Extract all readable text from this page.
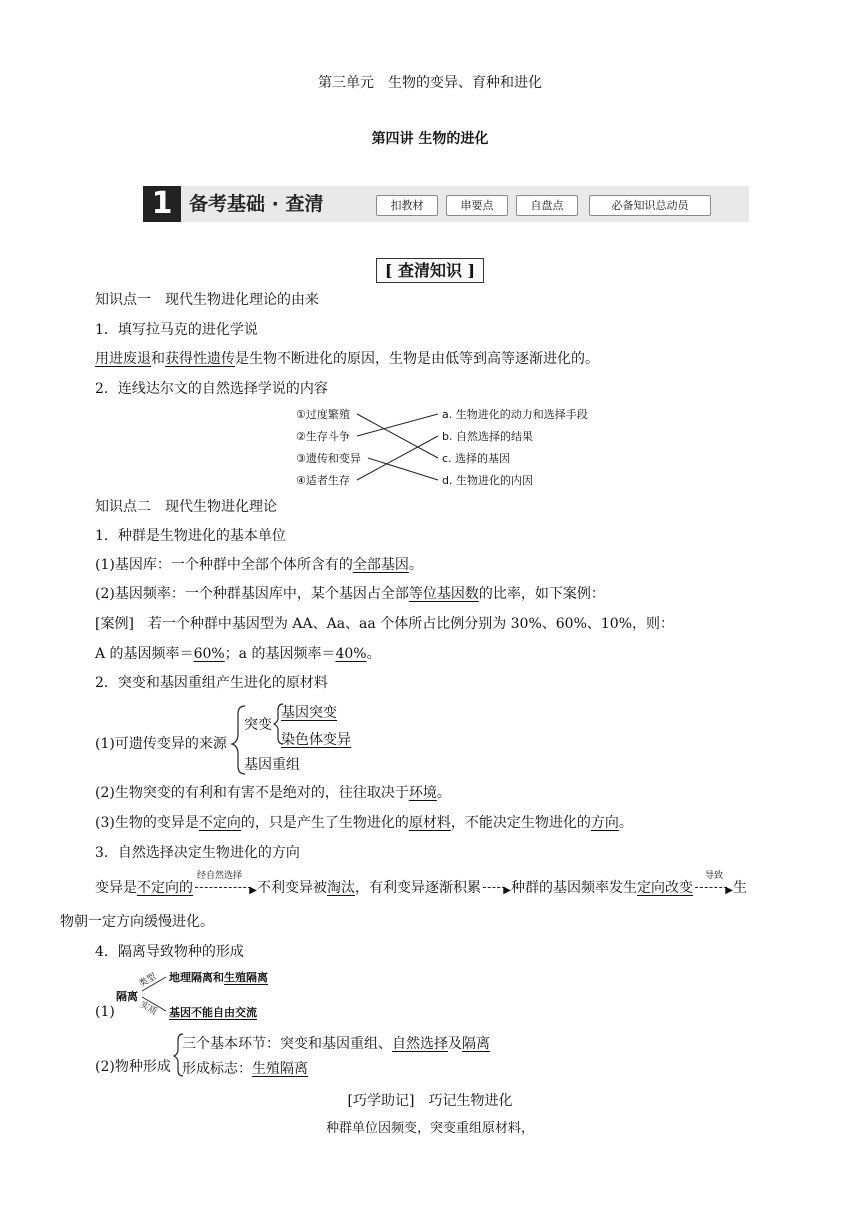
第三单元　生物的变异、育种和进化
第四讲 生物的进化
1 备考基础 · 查清	扣教材	串要点	自盘点	必备知识总动员
[ 查清知识 ]
知识点一　现代生物进化理论的由来
1．填写拉马克的进化学说
用进废退和获得性遗传是生物不断进化的原因，生物是由低等到高等逐渐进化的。
2．连线达尔文的自然选择学说的内容
①过度繁殖
②生存斗争
③遗传和变异
④适者生存
a. 生物进化的动力和选择手段
b. 自然选择的结果
c. 选择的基因
d. 生物进化的内因
知识点二　现代生物进化理论
1．种群是生物进化的基本单位
(1)基因库：一个种群中全部个体所含有的全部基因。
(2)基因频率：一个种群基因库中，某个基因占全部等位基因数的比率，如下案例：
[案例]　若一个种群中基因型为 AA、Aa、aa 个体所占比例分别为 30%、60%、10%，则：
A 的基因频率＝60%；a 的基因频率＝40%。
2．突变和基因重组产生进化的原材料
(1)可遗传变异的来源
突变
基因突变
染色体变异
基因重组
(2)生物突变的有利和有害不是绝对的，往往取决于环境。
(3)生物的变异是不定向的，只是产生了生物进化的原材料，不能决定生物进化的方向。
3．自然选择决定生物进化的方向
变异是不定向的
经自然选择
▶ 不利变异被淘汰，有利变异逐渐积累 ▶ 种群的基因频率发生定向改变
导致
▶ 生
物朝一定方向缓慢进化。
4．隔离导致物种的形成
(1)
隔离
类型
实质
地理隔离和生殖隔离
基因不能自由交流
(2)物种形成
三个基本环节：突变和基因重组、自然选择及隔离
形成标志：生殖隔离
[巧学助记]　巧记生物进化
种群单位因频变，突变重组原材料，
